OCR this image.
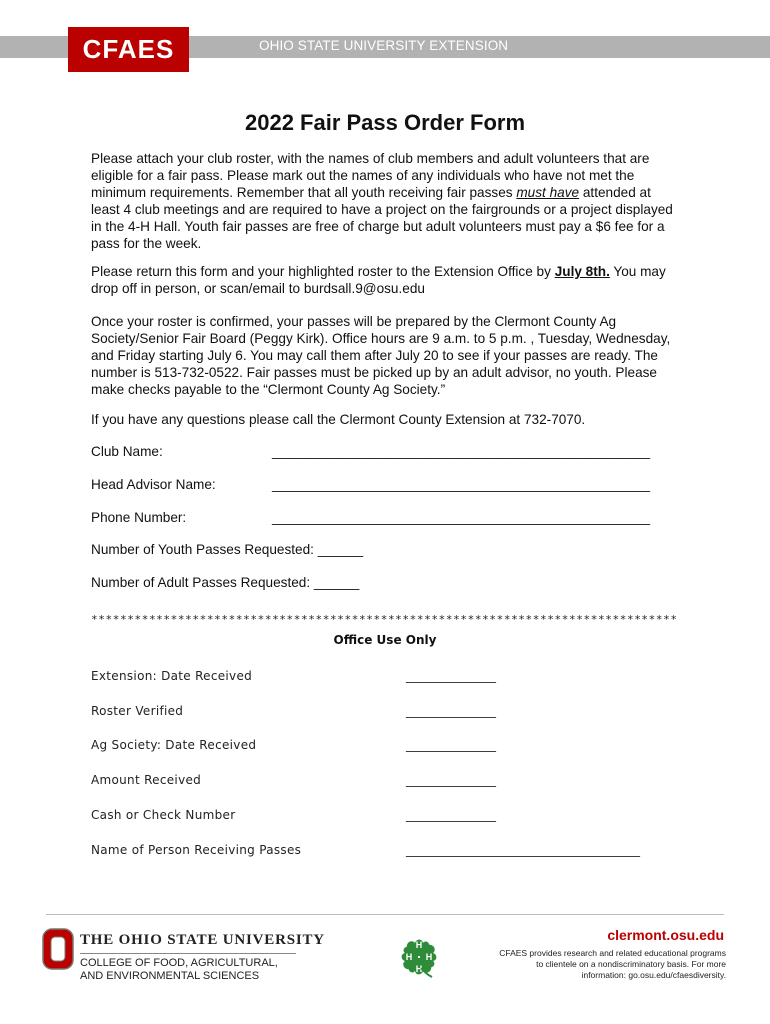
OHIO STATE UNIVERSITY EXTENSION
CFAES
2022 Fair Pass Order Form
Please attach your club roster, with the names of club members and adult volunteers that are eligible for a fair pass. Please mark out the names of any individuals who have not met the minimum requirements. Remember that all youth receiving fair passes must have attended at least 4 club meetings and are required to have a project on the fairgrounds or a project displayed in the 4-H Hall. Youth fair passes are free of charge but adult volunteers must pay a $6 fee for a pass for the week.
Please return this form and your highlighted roster to the Extension Office by July 8th. You may drop off in person, or scan/email to burdsall.9@osu.edu
Once your roster is confirmed, your passes will be prepared by the Clermont County Ag Society/Senior Fair Board (Peggy Kirk). Office hours are 9 a.m. to 5 p.m. , Tuesday, Wednesday, and Friday starting July 6. You may call them after July 20 to see if your passes are ready. The number is 513-732-0522. Fair passes must be picked up by an adult advisor, no youth. Please make checks payable to the “Clermont County Ag Society.”
If you have any questions please call the Clermont County Extension at 732-7070.
Club Name:	__________________________________________________
Head Advisor Name:	__________________________________________________
Phone Number:	__________________________________________________
Number of Youth Passes Requested: ______
Number of Adult Passes Requested: ______
*********************************************************************************
Office Use Only
Extension: Date Received	_______________
Roster Verified	_______________
Ag Society: Date Received	_______________
Amount Received	_______________
Cash or Check Number	_______________
Name of Person Receiving Passes	_______________________________________
THE OHIO STATE UNIVERSITY
COLLEGE OF FOOD, AGRICULTURAL,
AND ENVIRONMENTAL SCIENCES
H
H
H
H
clermont.osu.edu
CFAES provides research and related educational programs to clientele on a nondiscriminatory basis. For more information: go.osu.edu/cfaesdiversity.
